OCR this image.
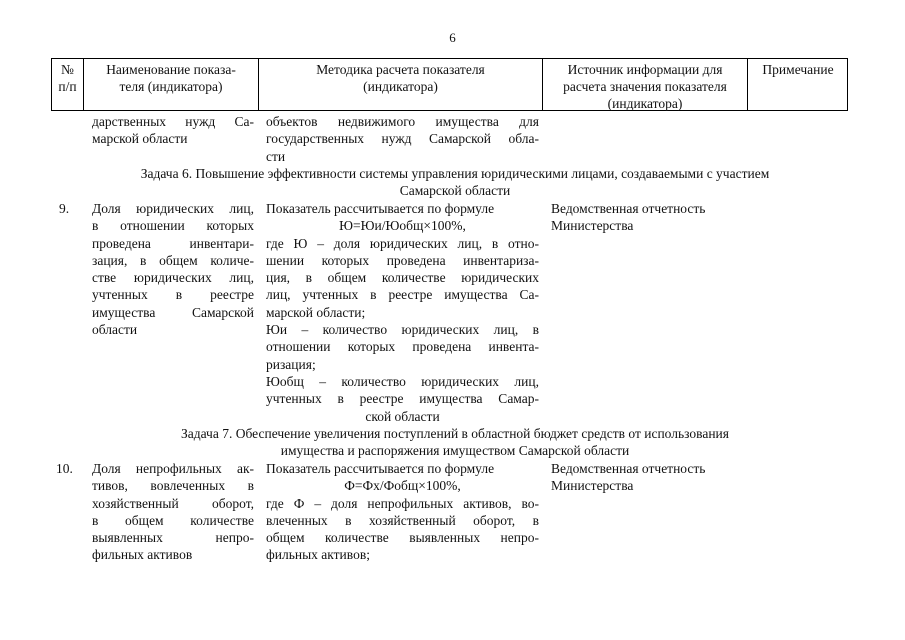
6
№
п/п
Наименование показа-
теля (индикатора)
Методика расчета показателя
(индикатора)
Источник информации для
расчета значения показателя
(индикатора)
Примечание
дарственных нужд Са-
марской области
объектов недвижимого имущества для
государственных нужд Самарской обла-
сти
Задача 6. Повышение эффективности системы управления юридическими лицами, создаваемыми с участием
Самарской области
9.	Доля юридических лиц,
в отношении которых
проведена инвентари-
зация, в общем количе-
стве юридических лиц,
учтенных в реестре
имущества Самарской
области
Показатель рассчитывается по формуле
Ю=Юи/Юобщ×100%,
где Ю – доля юридических лиц, в отно-
шении которых проведена инвентариза-
ция, в общем количестве юридических
лиц, учтенных в реестре имущества Са-
марской области;
Юи – количество юридических лиц, в
отношении которых проведена инвента-
ризация;
Юобщ – количество юридических лиц,
учтенных в реестре имущества Самар-
ской области
Ведомственная отчетность
Министерства
Задача 7. Обеспечение увеличения поступлений в областной бюджет средств от использования
имущества и распоряжения имуществом Самарской области
10.	Доля непрофильных ак-
тивов, вовлеченных в
хозяйственный оборот,
в общем количестве
выявленных непро-
фильных активов
Показатель рассчитывается по формуле
Ф=Фх/Фобщ×100%,
где Ф – доля непрофильных активов, во-
влеченных в хозяйственный оборот, в
общем количестве выявленных непро-
фильных активов;
Ведомственная отчетность
Министерства
